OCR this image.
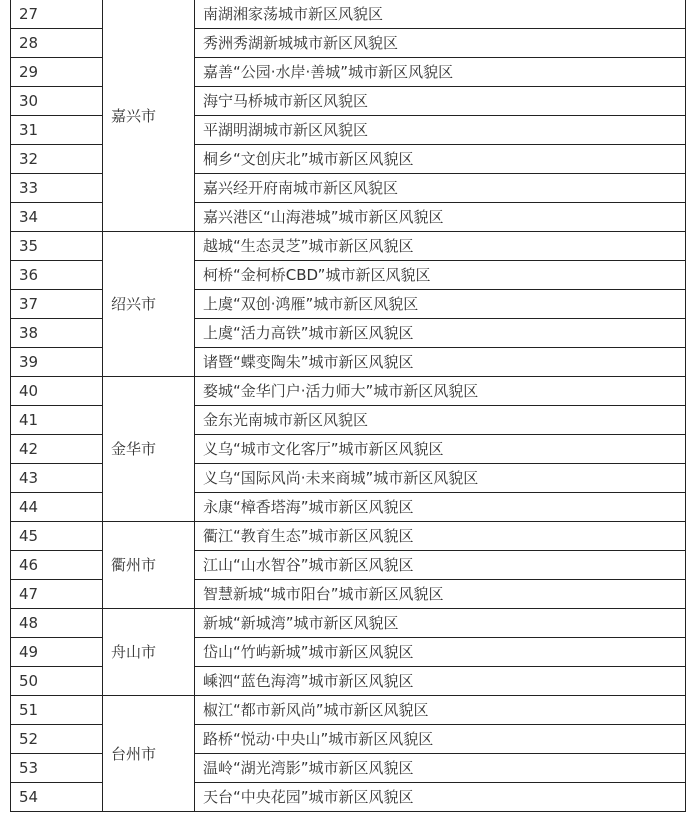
27	嘉兴市	南湖湘家荡城市新区风貌区
28		秀洲秀湖新城城市新区风貌区
29		嘉善“公园·水岸·善城”城市新区风貌区
30		海宁马桥城市新区风貌区
31		平湖明湖城市新区风貌区
32		桐乡“文创庆北”城市新区风貌区
33		嘉兴经开府南城市新区风貌区
34		嘉兴港区“山海港城”城市新区风貌区
35	绍兴市	越城“生态灵芝”城市新区风貌区
36		柯桥“金柯桥CBD”城市新区风貌区
37		上虞“双创·鸿雁”城市新区风貌区
38		上虞“活力高铁”城市新区风貌区
39		诸暨“蝶变陶朱”城市新区风貌区
40	金华市	婺城“金华门户·活力师大”城市新区风貌区
41		金东光南城市新区风貌区
42		义乌“城市文化客厅”城市新区风貌区
43		义乌“国际风尚·未来商城”城市新区风貌区
44		永康“樟香塔海”城市新区风貌区
45	衢州市	衢江“教育生态”城市新区风貌区
46		江山“山水智谷”城市新区风貌区
47		智慧新城“城市阳台”城市新区风貌区
48	舟山市	新城“新城湾”城市新区风貌区
49		岱山“竹屿新城”城市新区风貌区
50		嵊泗“蓝色海湾”城市新区风貌区
51	台州市	椒江“都市新风尚”城市新区风貌区
52		路桥“悦动·中央山”城市新区风貌区
53		温岭“湖光湾影”城市新区风貌区
54		天台“中央花园”城市新区风貌区
